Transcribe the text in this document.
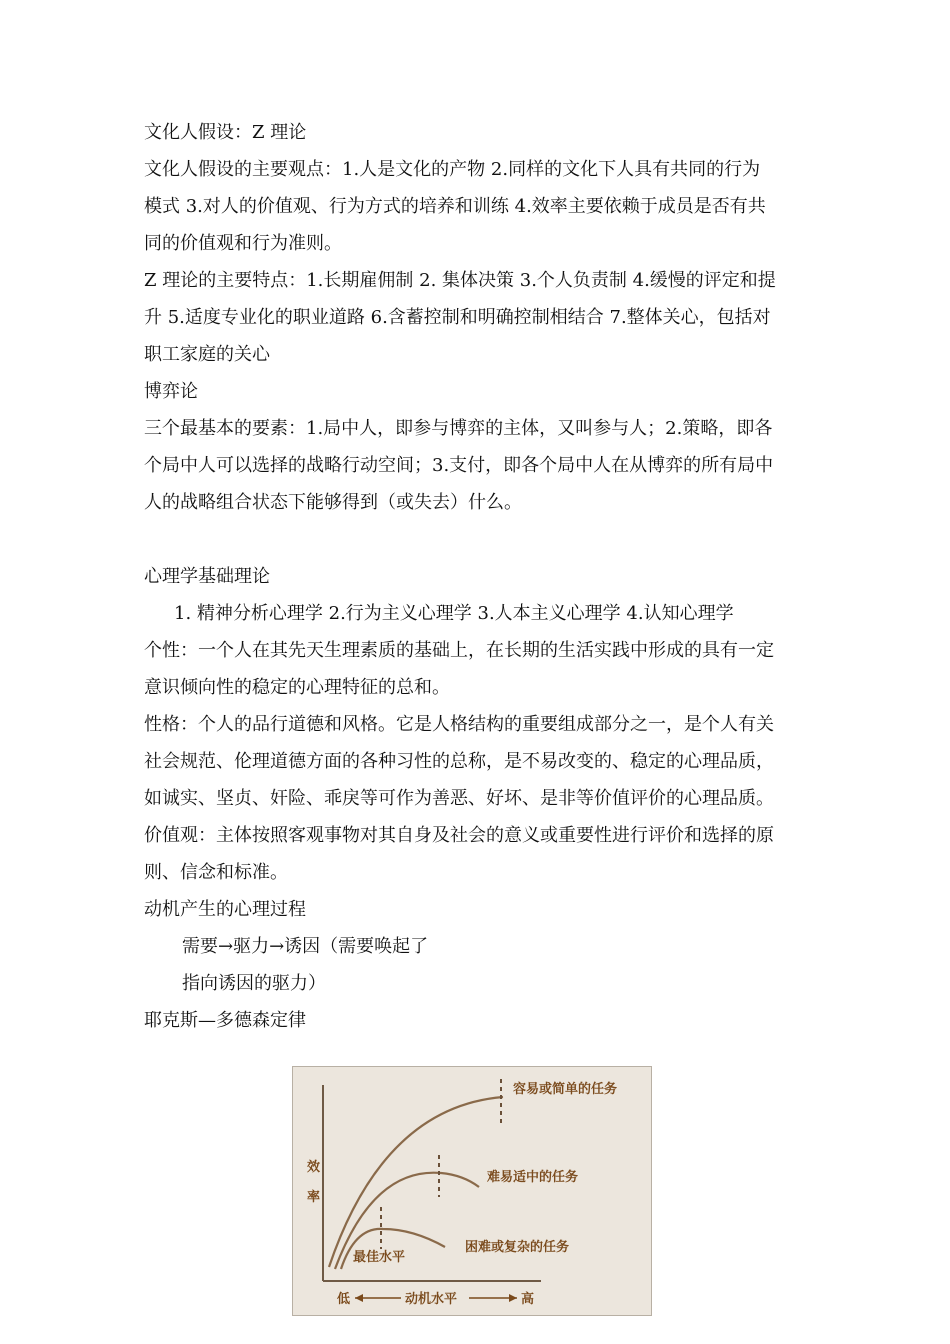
文化人假设：Z 理论
文化人假设的主要观点：1.人是文化的产物 2.同样的文化下人具有共同的行为
模式 3.对人的价值观、行为方式的培养和训练 4.效率主要依赖于成员是否有共
同的价值观和行为准则。
Z 理论的主要特点：1.长期雇佣制 2. 集体决策 3.个人负责制 4.缓慢的评定和提
升 5.适度专业化的职业道路 6.含蓄控制和明确控制相结合 7.整体关心，包括对
职工家庭的关心
博弈论
三个最基本的要素：1.局中人，即参与博弈的主体，又叫参与人；2.策略，即各
个局中人可以选择的战略行动空间；3.支付，即各个局中人在从博弈的所有局中
人的战略组合状态下能够得到（或失去）什么。
心理学基础理论
1. 精神分析心理学 2.行为主义心理学 3.人本主义心理学 4.认知心理学
个性：一个人在其先天生理素质的基础上，在长期的生活实践中形成的具有一定
意识倾向性的稳定的心理特征的总和。
性格：个人的品行道德和风格。它是人格结构的重要组成部分之一，是个人有关
社会规范、伦理道德方面的各种习性的总称，是不易改变的、稳定的心理品质，
如诚实、坚贞、奸险、乖戾等可作为善恶、好坏、是非等价值评价的心理品质。
价值观：主体按照客观事物对其自身及社会的意义或重要性进行评价和选择的原
则、信念和标准。
动机产生的心理过程
需要→驱力→诱因（需要唤起了
指向诱因的驱力）
耶克斯—多德森定律
容易或简单的任务
难易适中的任务
困难或复杂的任务
最佳水平
效
率
低	动机水平	高
